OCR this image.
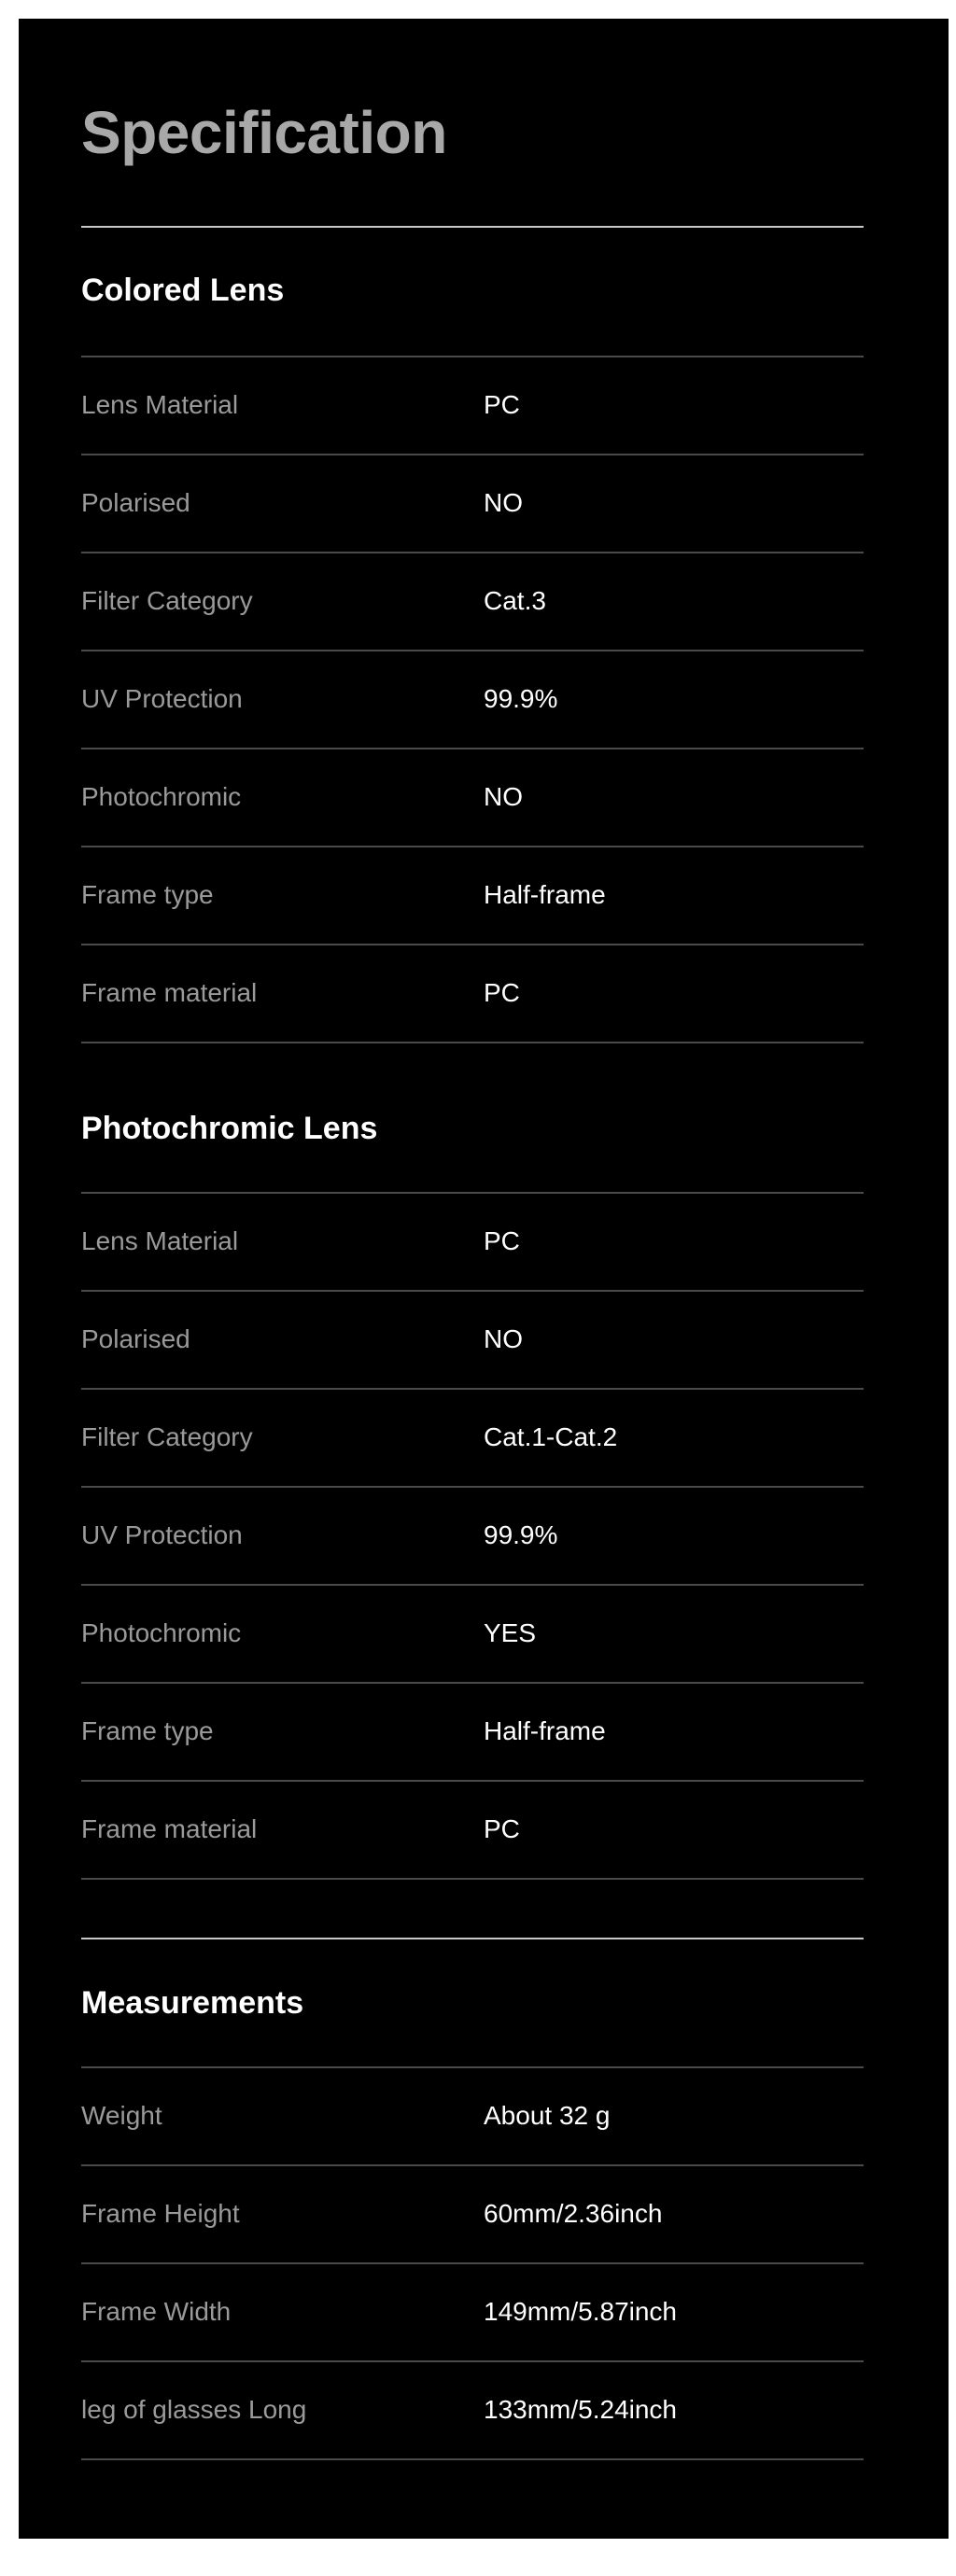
Specification
Colored Lens
Lens Material	PC
Polarised	NO
Filter Category	Cat.3
UV Protection	99.9%
Photochromic	NO
Frame type	Half-frame
Frame material	PC
Photochromic Lens
Lens Material	PC
Polarised	NO
Filter Category	Cat.1-Cat.2
UV Protection	99.9%
Photochromic	YES
Frame type	Half-frame
Frame material	PC
Measurements
Weight	About 32 g
Frame Height	60mm/2.36inch
Frame Width	149mm/5.87inch
leg of glasses Long	133mm/5.24inch
